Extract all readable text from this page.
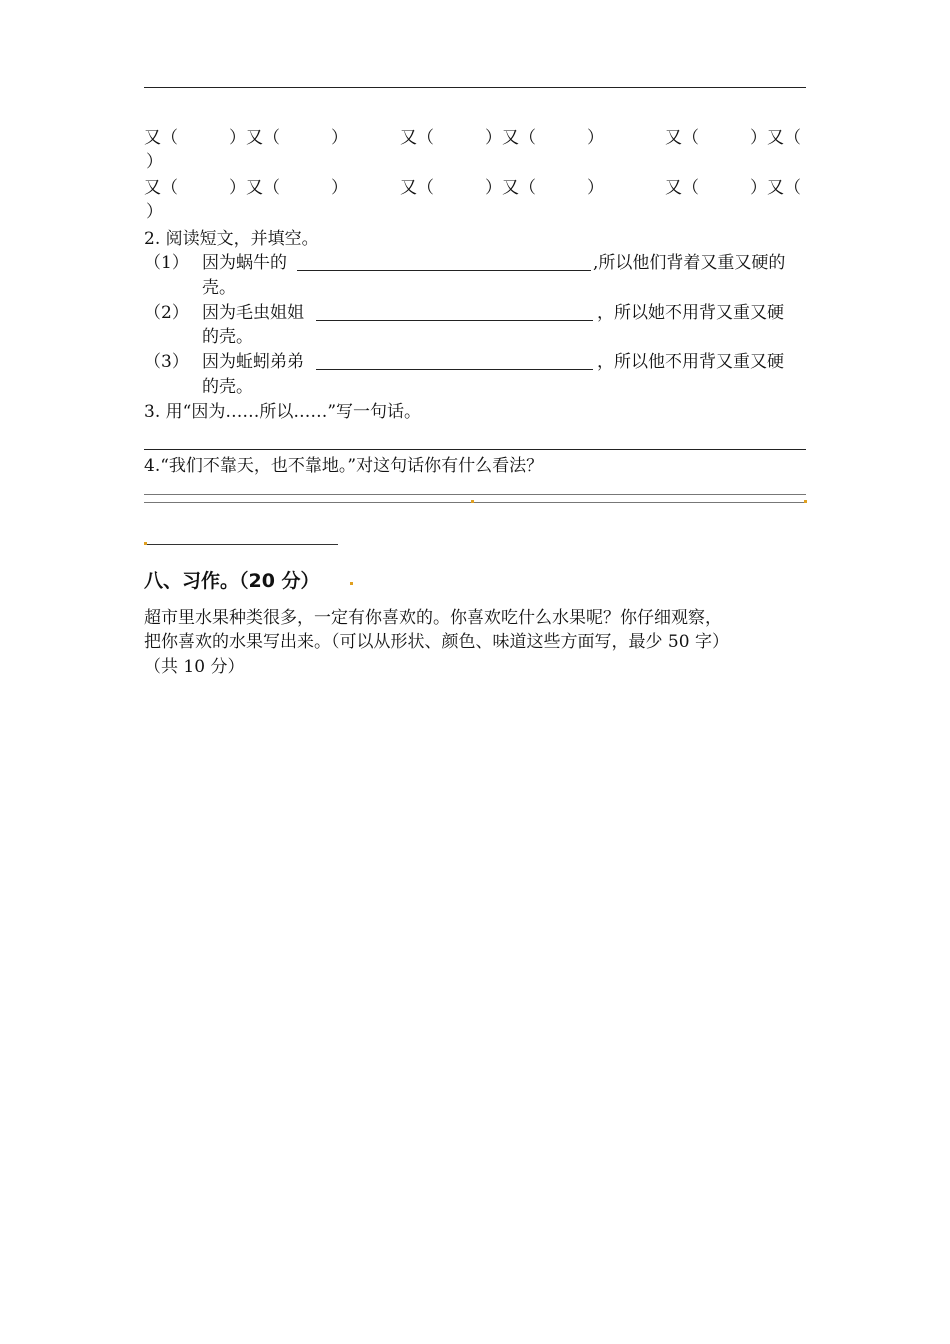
又（　　　）又（　　　）	又（　　　）又（　　　）	又（　　　）又（
）
又（　　　）又（　　　）	又（　　　）又（　　　）	又（　　　）又（
）
2. 阅读短文，并填空。
（1） 因为蜗牛的	,所以他们背着又重又硬的
壳。
（2） 因为毛虫姐姐	，所以她不用背又重又硬
的壳。
（3） 因为蚯蚓弟弟	，所以他不用背又重又硬
的壳。
3. 用“因为……所以……”写一句话。
4.“我们不靠天，也不靠地。”对这句话你有什么看法？
八、习作。（20 分）
超市里水果种类很多，一定有你喜欢的。你喜欢吃什么水果呢？你仔细观察，
把你喜欢的水果写出来。（可以从形状、颜色、味道这些方面写，最少 50 字）
（共 10 分）
